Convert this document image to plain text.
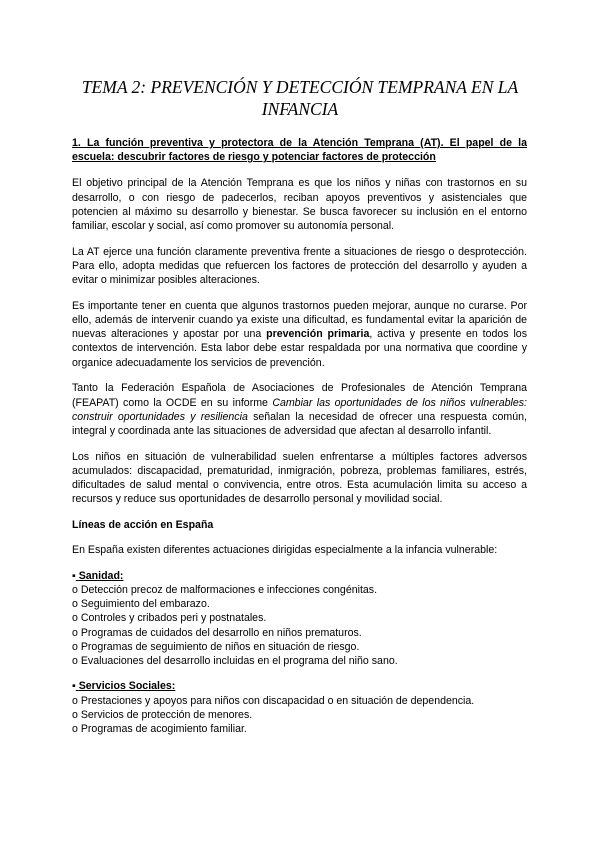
TEMA 2: PREVENCIÓN Y DETECCIÓN TEMPRANA EN LA INFANCIA
1. La función preventiva y protectora de la Atención Temprana (AT). El papel de la escuela: descubrir factores de riesgo y potenciar factores de protección

El objetivo principal de la Atención Temprana es que los niños y niñas con trastornos en su desarrollo, o con riesgo de padecerlos, reciban apoyos preventivos y asistenciales que potencien al máximo su desarrollo y bienestar. Se busca favorecer su inclusión en el entorno familiar, escolar y social, así como promover su autonomía personal.

La AT ejerce una función claramente preventiva frente a situaciones de riesgo o desprotección. Para ello, adopta medidas que refuercen los factores de protección del desarrollo y ayuden a evitar o minimizar posibles alteraciones.

Es importante tener en cuenta que algunos trastornos pueden mejorar, aunque no curarse. Por ello, además de intervenir cuando ya existe una dificultad, es fundamental evitar la aparición de nuevas alteraciones y apostar por una prevención primaria, activa y presente en todos los contextos de intervención. Esta labor debe estar respaldada por una normativa que coordine y organice adecuadamente los servicios de prevención.

Tanto la Federación Española de Asociaciones de Profesionales de Atención Temprana (FEAPAT) como la OCDE en su informe Cambiar las oportunidades de los niños vulnerables: construir oportunidades y resiliencia señalan la necesidad de ofrecer una respuesta común, integral y coordinada ante las situaciones de adversidad que afectan al desarrollo infantil.

Los niños en situación de vulnerabilidad suelen enfrentarse a múltiples factores adversos acumulados: discapacidad, prematuridad, inmigración, pobreza, problemas familiares, estrés, dificultades de salud mental o convivencia, entre otros. Esta acumulación limita su acceso a recursos y reduce sus oportunidades de desarrollo personal y movilidad social.

Líneas de acción en España

En España existen diferentes actuaciones dirigidas especialmente a la infancia vulnerable:

▪ Sanidad:
o Detección precoz de malformaciones e infecciones congénitas.
o Seguimiento del embarazo.
o Controles y cribados peri y postnatales.
o Programas de cuidados del desarrollo en niños prematuros.
o Programas de seguimiento de niños en situación de riesgo.
o Evaluaciones del desarrollo incluidas en el programa del niño sano.
▪ Servicios Sociales:
o Prestaciones y apoyos para niños con discapacidad o en situación de dependencia.
o Servicios de protección de menores.
o Programas de acogimiento familiar.
